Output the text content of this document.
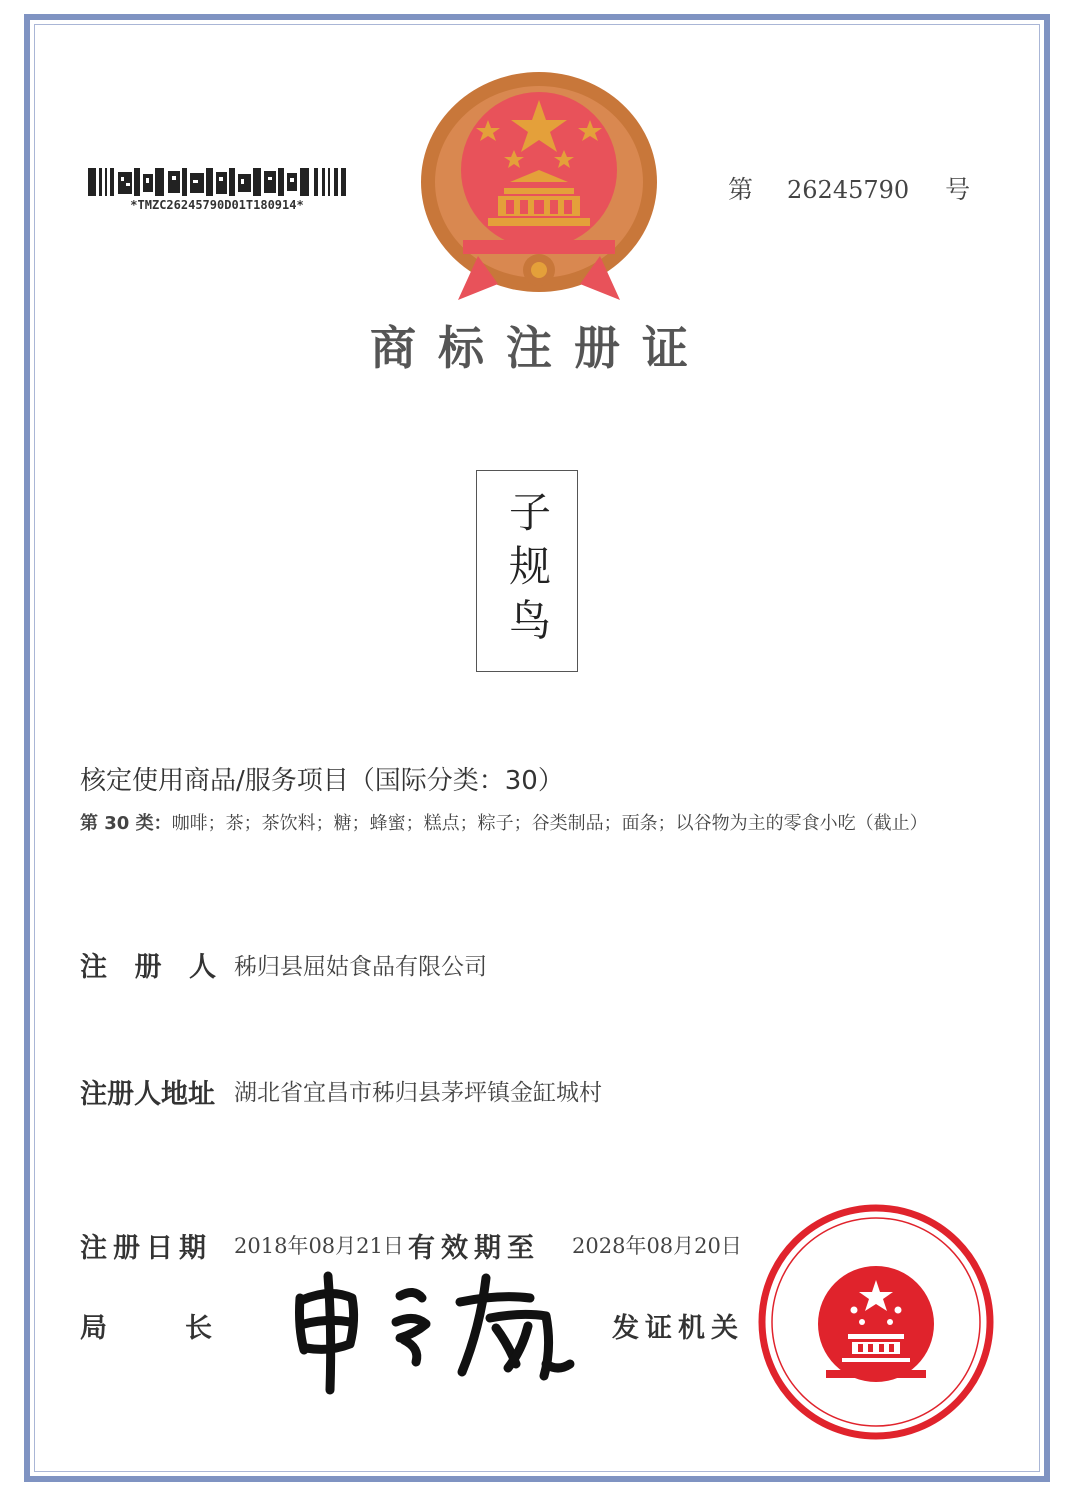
*TMZC26245790D01T180914*
第 26245790 号
商标注册证
子规鸟
核定使用商品/服务项目（国际分类：30）
第 30 类：咖啡；茶；茶饮料；糖；蜂蜜；糕点；粽子；谷类制品；面条；以谷物为主的零食小吃（截止）
注册人 秭归县屈姑食品有限公司
注册人地址 湖北省宜昌市秭归县茅坪镇金缸城村
注册日期 2018年08月21日 有效期至 2028年08月20日
局长	发证机关
